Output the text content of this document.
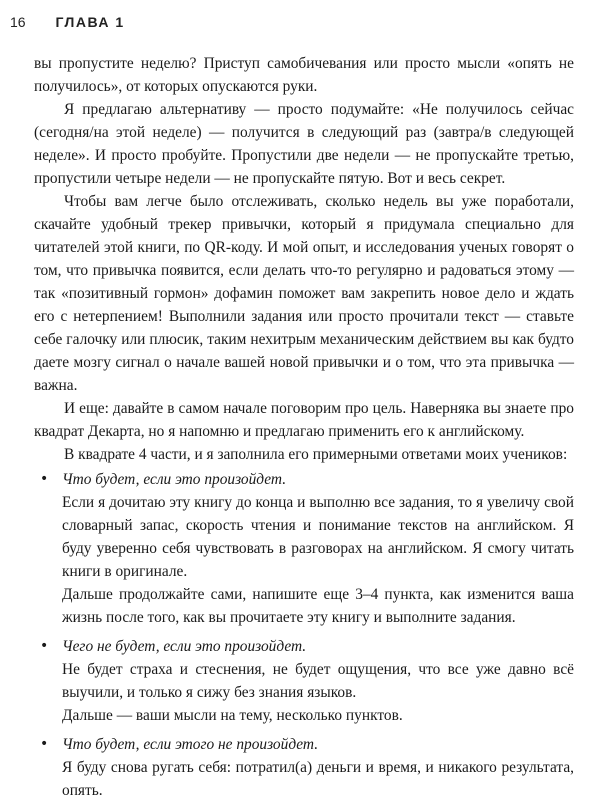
16 ГЛАВА 1

вы пропустите неделю? Приступ самобичевания или просто мысли «опять не получилось», от которых опускаются руки.

Я предлагаю альтернативу — просто подумайте: «Не получилось сейчас (сегодня/на этой неделе) — получится в следующий раз (завтра/в следующей неделе». И просто пробуйте. Пропустили две недели — не пропускайте третью, пропустили четыре недели — не пропускайте пятую. Вот и весь секрет.

Чтобы вам легче было отслеживать, сколько недель вы уже поработали, скачайте удобный трекер привычки, который я придумала специально для читателей этой книги, по QR-коду. И мой опыт, и исследования ученых говорят о том, что привычка появится, если делать что-то регулярно и радоваться этому — так «позитивный гормон» дофамин поможет вам закрепить новое дело и ждать его с нетерпением! Выполнили задания или просто прочитали текст — ставьте себе галочку или плюсик, таким нехитрым механическим действием вы как будто даете мозгу сигнал о начале вашей новой привычки и о том, что эта привычка — важна.

И еще: давайте в самом начале поговорим про цель. Наверняка вы знаете про квадрат Декарта, но я напомню и предлагаю применить его к английскому.

В квадрате 4 части, и я заполнила его примерными ответами моих учеников:

• Что будет, если это произойдет.
Если я дочитаю эту книгу до конца и выполню все задания, то я увеличу свой словарный запас, скорость чтения и понимание текстов на английском. Я буду уверенно себя чувствовать в разговорах на английском. Я смогу читать книги в оригинале.
Дальше продолжайте сами, напишите еще 3–4 пункта, как изменится ваша жизнь после того, как вы прочитаете эту книгу и выполните задания.
• Чего не будет, если это произойдет.
Не будет страха и стеснения, не будет ощущения, что все уже давно всё выучили, и только я сижу без знания языков.
Дальше — ваши мысли на тему, несколько пунктов.
• Что будет, если этого не произойдет.
Я буду снова ругать себя: потратил(а) деньги и время, и никакого результата, опять.
